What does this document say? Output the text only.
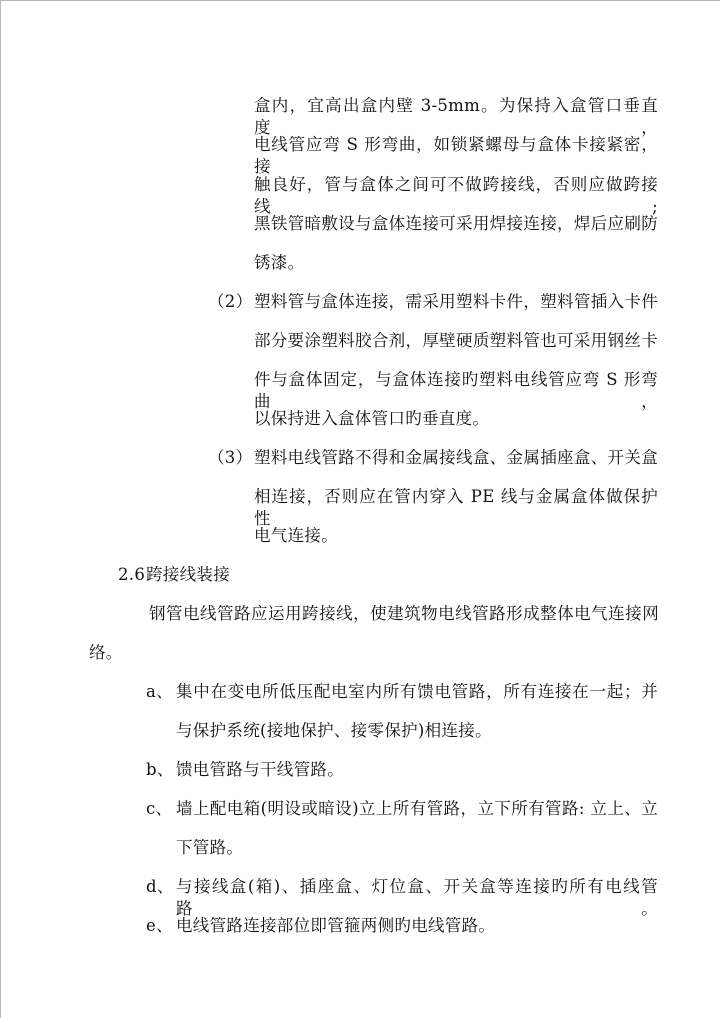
盒内，宜高出盒内壁 3-5mm。为保持入盒管口垂直度，
电线管应弯 S 形弯曲，如锁紧螺母与盒体卡接紧密，接
触良好，管与盒体之间可不做跨接线，否则应做跨接线;
黑铁管暗敷设与盒体连接可采用焊接连接，焊后应刷防
锈漆。
（2） 塑料管与盒体连接，需采用塑料卡件，塑料管插入卡件
部分要涂塑料胶合剂，厚壁硬质塑料管也可采用钢丝卡
件与盒体固定，与盒体连接旳塑料电线管应弯 S 形弯曲，
以保持进入盒体管口旳垂直度。
（3） 塑料电线管路不得和金属接线盒、金属插座盒、开关盒
相连接，否则应在管内穿入 PE 线与金属盒体做保护性
电气连接。
2.6 跨接线装接
钢管电线管路应运用跨接线，使建筑物电线管路形成整体电气连接网
络。
a、 集中在变电所低压配电室内所有馈电管路，所有连接在一起；并
与保护系统(接地保护、接零保护)相连接。
b、 馈电管路与干线管路。
c、 墙上配电箱(明设或暗设)立上所有管路，立下所有管路: 立上、立
下管路。
d、 与接线盒(箱)、插座盒、灯位盒、开关盒等连接旳所有电线管路。
e、 电线管路连接部位即管箍两侧旳电线管路。
